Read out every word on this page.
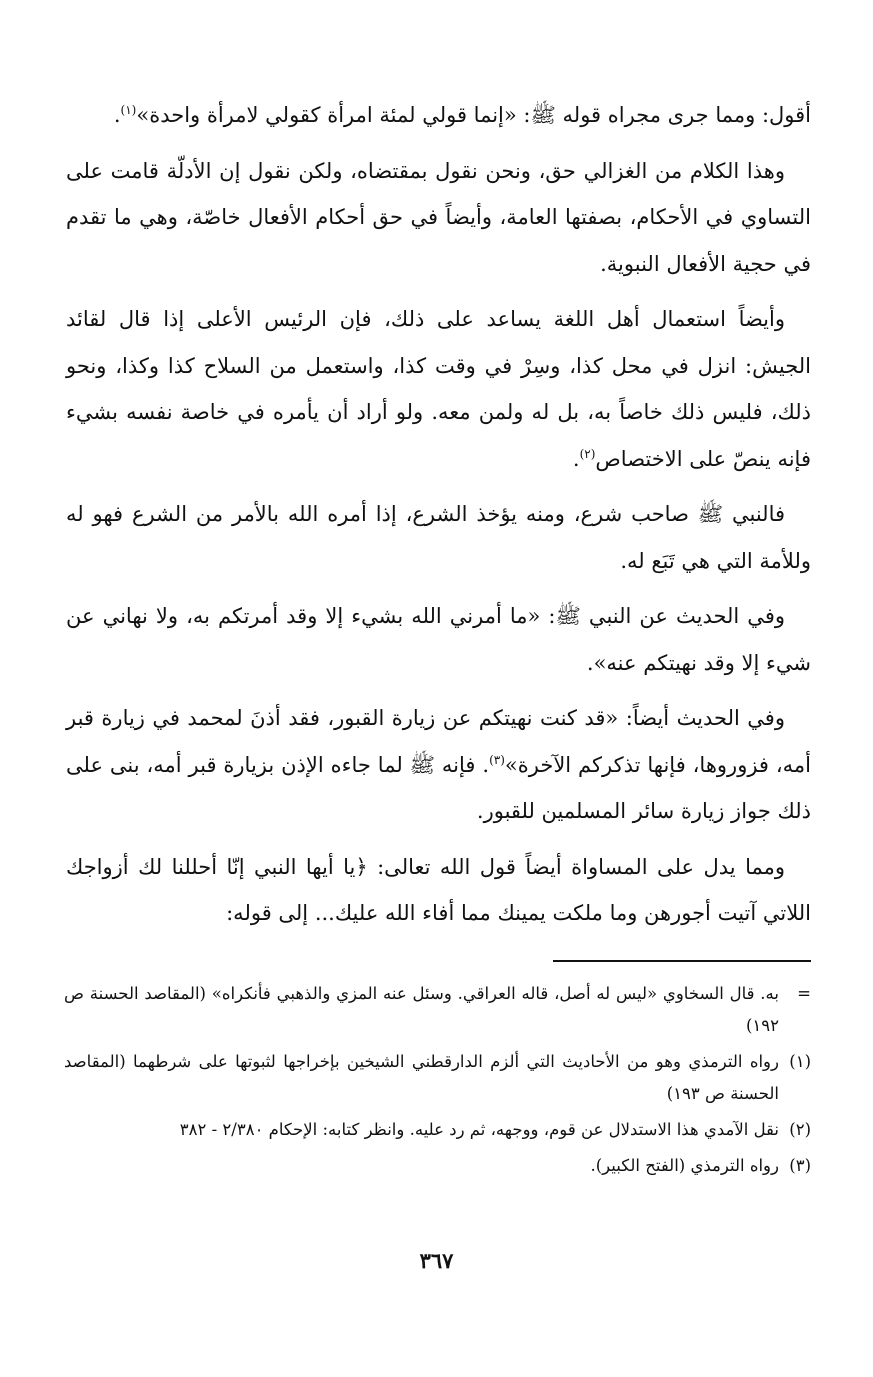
أقول: ومما جرى مجراه قوله ﷺ: «إنما قولي لمئة امرأة كقولي لامرأة واحدة»$^{(١)}$.

وهذا الكلام من الغزالي حق، ونحن نقول بمقتضاه، ولكن نقول إن الأدلّة قامت على التساوي في الأحكام، بصفتها العامة، وأيضاً في حق أحكام الأفعال خاصّة، وهي ما تقدم في حجية الأفعال النبوية.

وأيضاً استعمال أهل اللغة يساعد على ذلك، فإن الرئيس الأعلى إذا قال لقائد الجيش: انزل في محل كذا، وسِرْ في وقت كذا، واستعمل من السلاح كذا وكذا، ونحو ذلك، فليس ذلك خاصاً به، بل له ولمن معه. ولو أراد أن يأمره في خاصة نفسه بشيء فإنه ينصّ على الاختصاص$^{(٢)}$.

فالنبي ﷺ صاحب شرع، ومنه يؤخذ الشرع، إذا أمره الله بالأمر من الشرع فهو له وللأمة التي هي تَبَع له.

وفي الحديث عن النبي ﷺ: «ما أمرني الله بشيء إلا وقد أمرتكم به، ولا نهاني عن شيء إلا وقد نهيتكم عنه».

وفي الحديث أيضاً: «قد كنت نهيتكم عن زيارة القبور، فقد أذنَ لمحمد في زيارة قبر أمه، فزوروها، فإنها تذكركم الآخرة»$^{(٣)}$. فإنه ﷺ لما جاءه الإذن بزيارة قبر أمه، بنى على ذلك جواز زيارة سائر المسلمين للقبور.

ومما يدل على المساواة أيضاً قول الله تعالى: ﴿يا أيها النبي إنّا أحللنا لك أزواجك اللاتي آتيت أجورهن وما ملكت يمينك مما أفاء الله عليك... إلى قوله:

=
به. قال السخاوي «ليس له أصل، قاله العراقي. وسئل عنه المزي والذهبي فأنكراه» (المقاصد الحسنة ص ١٩٢)
(١)
رواه الترمذي وهو من الأحاديث التي ألزم الدارقطني الشيخين بإخراجها لثبوتها على شرطهما (المقاصد الحسنة ص ١٩٣)
(٢)
نقل الآمدي هذا الاستدلال عن قوم، ووجهه، ثم رد عليه. وانظر كتابه: الإحكام ٢/٣٨٠ - ٣٨٢
(٣)
رواه الترمذي (الفتح الكبير).
٣٦٧
